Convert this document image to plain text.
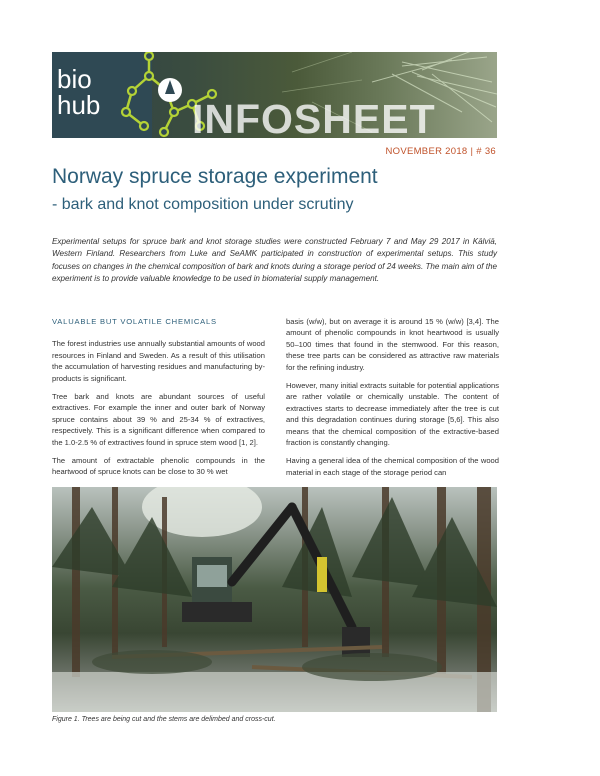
bio
hub INFOSHEET
NOVEMBER 2018 | # 36
Norway spruce storage experiment
- bark and knot composition under scrutiny
Experimental setups for spruce bark and knot storage studies were constructed February 7 and May 29 2017 in Kälviä, Western Finland. Researchers from Luke and SeAMK participated in construction of experimental setups. This study focuses on changes in the chemical composition of bark and knots during a storage period of 24 weeks. The main aim of the experiment is to provide valuable knowledge to be used in biomaterial supply management.
VALUABLE BUT VOLATILE CHEMICALS

The forest industries use annually substantial amounts of wood resources in Finland and Sweden. As a result of this utilisation the accumulation of harvesting residues and manufacturing by-products is significant.

Tree bark and knots are abundant sources of useful extractives. For example the inner and outer bark of Norway spruce contains about 39 % and 25-34 % of extractives, respectively. This is a significant difference when compared to the 1.0-2.5 % of extractives found in spruce stem wood [1, 2].

The amount of extractable phenolic compounds in the heartwood of spruce knots can be close to 30 % wet

basis (w/w), but on average it is around 15 % (w/w) [3,4]. The amount of phenolic compounds in knot heartwood is usually 50–100 times that found in the stemwood. For this reason, these tree parts can be considered as attractive raw materials for the refining industry.

However, many initial extracts suitable for potential applications are rather volatile or chemically unstable. The content of extractives starts to decrease immediately after the tree is cut and this degradation continues during storage [5,6]. This also means that the chemical composition of the extractive-based fraction is constantly changing.

Having a general idea of the chemical composition of the wood material in each stage of the storage period can

Figure 1. Trees are being cut and the stems are delimbed and cross-cut.
